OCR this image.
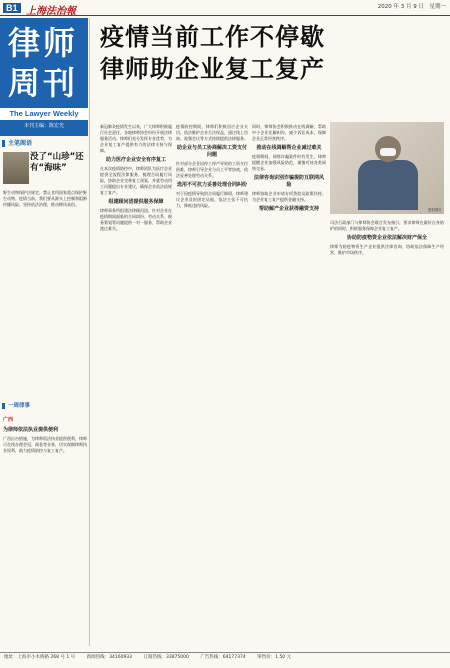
B1 上海法治報	2020 年 3 月 9 日　星期一
律师
周刊
The Lawyer Weekly
本刊主编：陈宏光
疫情当前工作不停歇
律师助企业复工复产
资料图片

新冠肺炎疫情发生以来，广大律师积极履行社会责任，各地律师协会纷纷开展法律服务活动。律师们充分发挥专业优势，为企业复工复产提供有力的法律支持与保障。

助力医疗企业安全有序复工

在本次疫情防控中，律师团队为医疗企业提供全流程法律服务，梳理合同履行风险，协助企业完善复工预案，并就劳动用工问题提出专业建议，确保企业依法依规复工复产。

组建顾问团提供服务保障

律师事务所组建法律顾问团，针对企业在疫情期间面临的合同纠纷、劳动关系、税务筹划等问题提供一对一服务，帮助企业渡过难关。

疫情防控期间，律师们积极回应企业关切，依法维护企业合法权益，通过线上咨询、视频会议等方式持续提供法律服务。

助企业与员工协商解决工资支付问题

针对部分企业因停工停产导致的工资支付困难，律师引导企业与员工平等协商，依法妥善处理劳动关系。

选用不可抗力妥善处理合同纠纷

对于因疫情导致的合同履行障碍，律师建议企业及时固定证据，依法主张不可抗力，降低违约风险。

同时，律师协会积极推动在线调解，帮助中小企业化解纠纷，减少诉讼成本，保障企业正常经营秩序。

推动在线调解帮企业减过难关

疫情期间，网络诈骗案件时有发生，律师提醒企业加强风险防范，谨慎对待各类网络交易。

法律咨询识别诈骗提防互联网风险

律师协助企业申请专项贷款及政策扶持，为企业复工复产提供金融支持。

帮助解产企业获得融资支持

司法行政部门与律师协会联合发布指引，要求律师在做好自身防护的同时，积极服务保障企业复工复产。

协助防疫物资企业依法解决财产保全

律师为防疫物资生产企业提供法律咨询，协助依法保障生产经营，维护市场秩序。

主笔阁语
没了“山珍”还有“海味”
野生动物保护法规定，禁止食用国家重点保护野生动物。疫情当前，我们要从源头上控制和阻断传播风险，坚持依法治理，推动移风易俗。
一周律事
广西
为律师依法执业提供便利

广西出台措施，为律师依法执业提供便利，律师可在线办理会见、阅卷等业务，切实保障律师执业权利，助力疫情防控与复工复产。

地址：上海市小木桥路 268 号 1 号	新闻热线：34160933	订阅热线：33875000	广告热线：64177374	零售价：1.50 元
